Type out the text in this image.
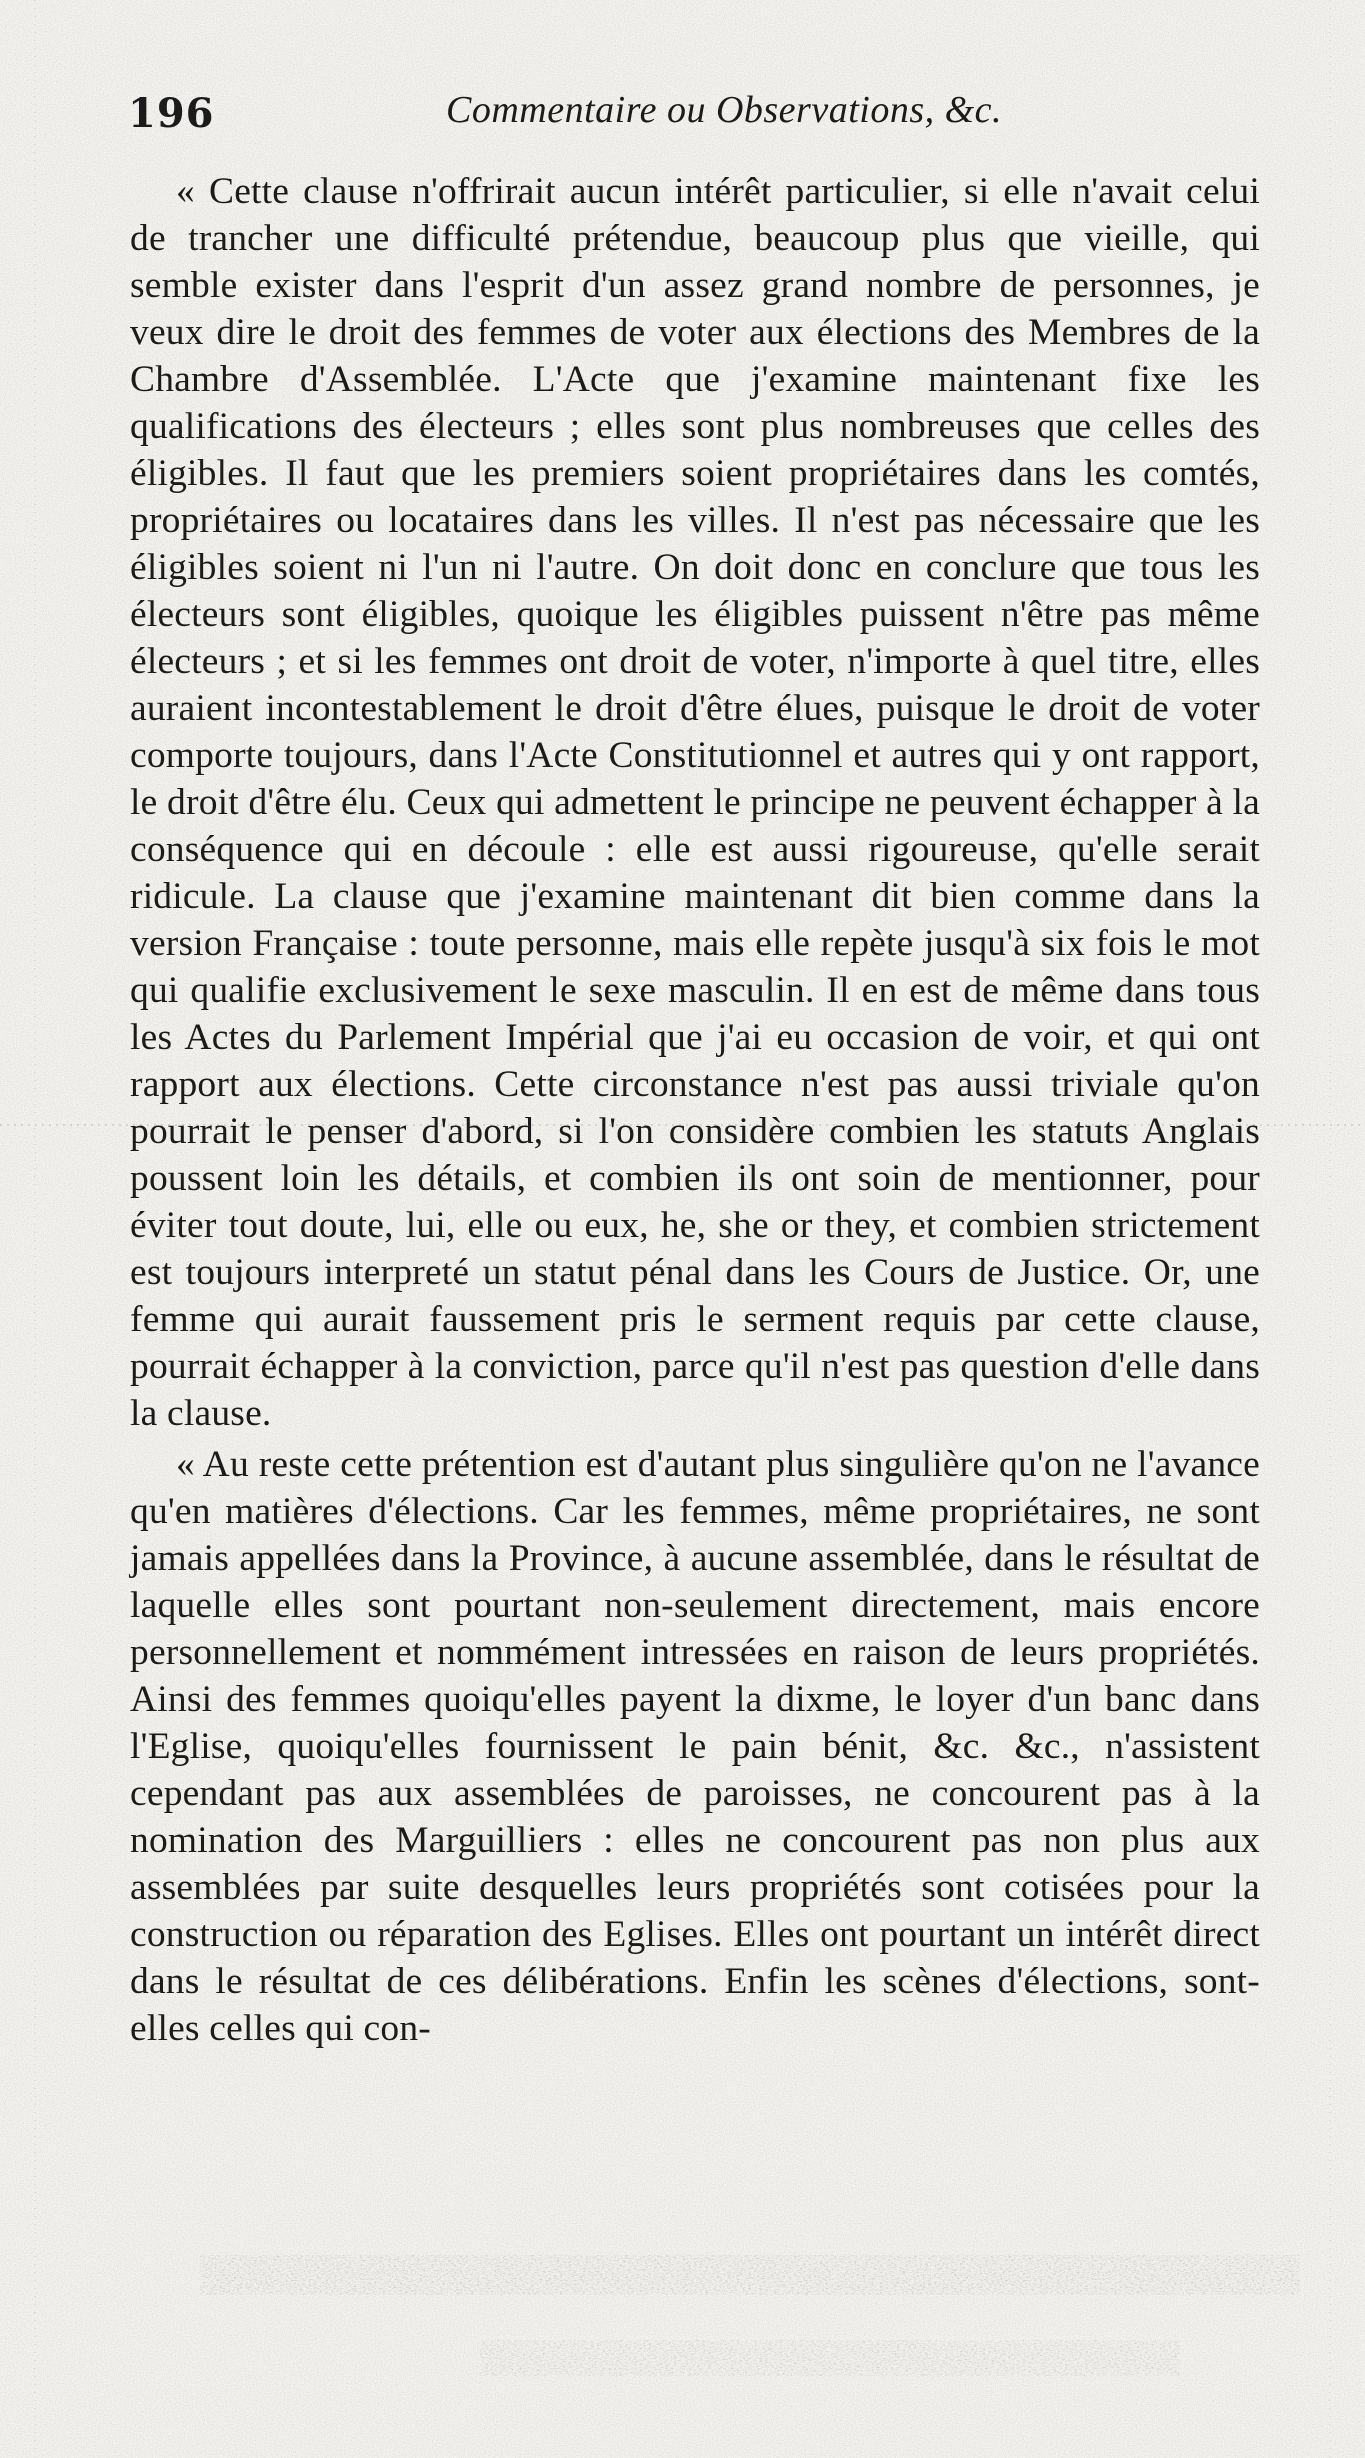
196	Commentaire ou Observations, &c.

« Cette clause n'offrirait aucun intérêt particulier, si elle n'avait celui de trancher une difficulté prétendue, beaucoup plus que vieille, qui semble exister dans l'esprit d'un assez grand nombre de personnes, je veux dire le droit des femmes de voter aux élections des Membres de la Chambre d'Assemblée. L'Acte que j'examine maintenant fixe les qualifications des électeurs ; elles sont plus nombreuses que celles des éligibles. Il faut que les premiers soient propriétaires dans les comtés, propriétaires ou locataires dans les villes. Il n'est pas nécessaire que les éligibles soient ni l'un ni l'autre. On doit donc en conclure que tous les électeurs sont éligibles, quoique les éligibles puissent n'être pas même électeurs ; et si les femmes ont droit de voter, n'importe à quel titre, elles auraient incontestablement le droit d'être élues, puisque le droit de voter comporte toujours, dans l'Acte Constitutionnel et autres qui y ont rapport, le droit d'être élu. Ceux qui admettent le principe ne peuvent échapper à la conséquence qui en découle : elle est aussi rigoureuse, qu'elle serait ridicule. La clause que j'examine maintenant dit bien comme dans la version Française : toute personne, mais elle repète jusqu'à six fois le mot qui qualifie exclusivement le sexe masculin. Il en est de même dans tous les Actes du Parlement Impérial que j'ai eu occasion de voir, et qui ont rapport aux élections. Cette circonstance n'est pas aussi triviale qu'on pourrait le penser d'abord, si l'on considère combien les statuts Anglais poussent loin les détails, et combien ils ont soin de mentionner, pour éviter tout doute, lui, elle ou eux, he, she or they, et combien strictement est toujours interpreté un statut pénal dans les Cours de Justice. Or, une femme qui aurait faussement pris le serment requis par cette clause, pourrait échapper à la conviction, parce qu'il n'est pas question d'elle dans la clause.

« Au reste cette prétention est d'autant plus singulière qu'on ne l'avance qu'en matières d'élections. Car les femmes, même propriétaires, ne sont jamais appellées dans la Province, à aucune assemblée, dans le résultat de laquelle elles sont pourtant non-seulement directement, mais encore personnellement et nommément intressées en raison de leurs propriétés. Ainsi des femmes quoiqu'elles payent la dixme, le loyer d'un banc dans l'Eglise, quoiqu'elles fournissent le pain bénit, &c. &c., n'assistent cependant pas aux assemblées de paroisses, ne concourent pas à la nomination des Marguilliers : elles ne concourent pas non plus aux assemblées par suite desquelles leurs propriétés sont cotisées pour la construction ou réparation des Eglises. Elles ont pourtant un intérêt direct dans le résultat de ces délibérations. Enfin les scènes d'élections, sont-elles celles qui con-
